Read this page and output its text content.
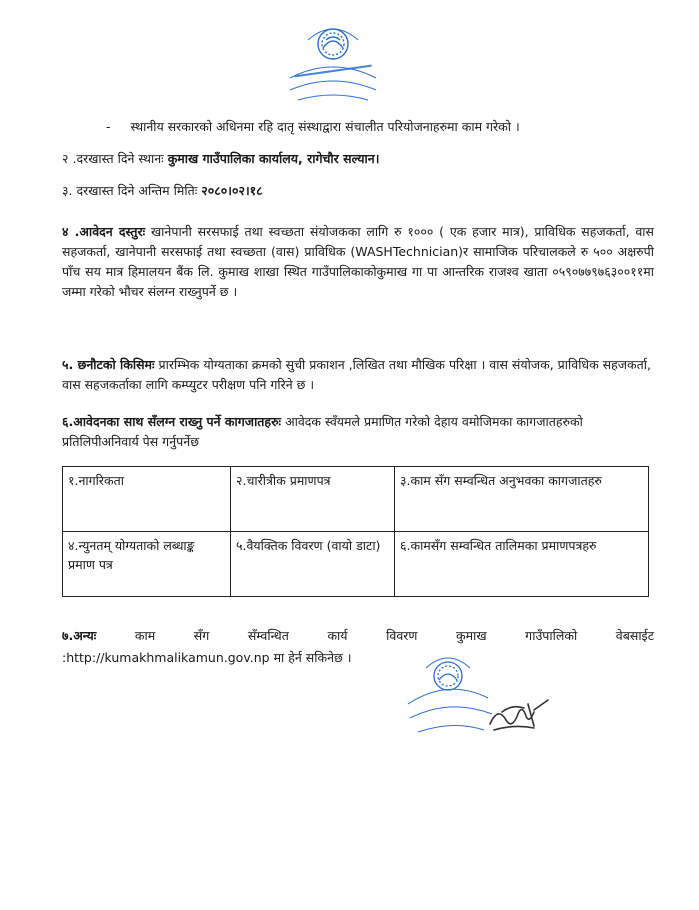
- स्थानीय सरकारको अधिनमा रहि दातृ संस्थाद्वारा संचालीत परियोजनाहरुमा काम गरेको ।
२ .दरखास्त दिने स्थानः कुमाख गाउँपालिका कार्यालय, रागेचौर सल्यान।
३. दरखास्त दिने अन्तिम मितिः २०८०।०२।१८
४ .आवेदन दस्तुरः खानेपानी सरसफाई तथा स्वच्छता संयोजकका लागि रु १००० ( एक हजार मात्र), प्राविधिक सहजकर्ता, वास सहजकर्ता, खानेपानी सरसफाई तथा स्वच्छता (वास) प्राविधिक (WASHTechnician)र सामाजिक परिचालकले रु ५०० अक्षरुपी पाँच सय मात्र हिमालयन बैंक लि. कुमाख शाखा स्थित गाउँपालिकाकोकुमाख गा पा आन्तरिक राजश्व खाता ०५९०७७९७६३००११मा जम्मा गरेको भौचर संलग्न राख्नुपर्ने छ ।
५. छनौटको किसिमः प्रारम्भिक योग्यताका क्रमको सुची प्रकाशन ,लिखित तथा मौखिक परिक्षा । वास संयोजक, प्राविधिक सहजकर्ता, वास सहजकर्ताका लागि कम्प्युटर परीक्षण पनि गरिने छ ।
६.आवेदनका साथ सँलग्न राख्नु पर्ने कागजातहरुः आवेदक स्वँयमले प्रमाणित गरेको देहाय वमोजिमका कागजातहरुको प्रतिलिपीअनिवार्य पेस गर्नुपर्नेछ
१.नागरिकता	२.चारीत्रीक प्रमाणपत्र	३.काम सँग सम्वन्धित अनुभवका कागजातहरु
४.न्युनतम् योग्यताको लब्धाङ्क प्रमाण पत्र	५.वैयक्तिक विवरण (वायो डाटा)	६.कामसँग सम्वन्धित तालिमका प्रमाणपत्रहरु
७.अन्यः	काम	सँग	सँम्वन्धित	कार्य	विवरण	कुमाख	गाउँपालिको	वेबसाईट
:http://kumakhmalikamun.gov.np मा हेर्न सकिनेछ ।
